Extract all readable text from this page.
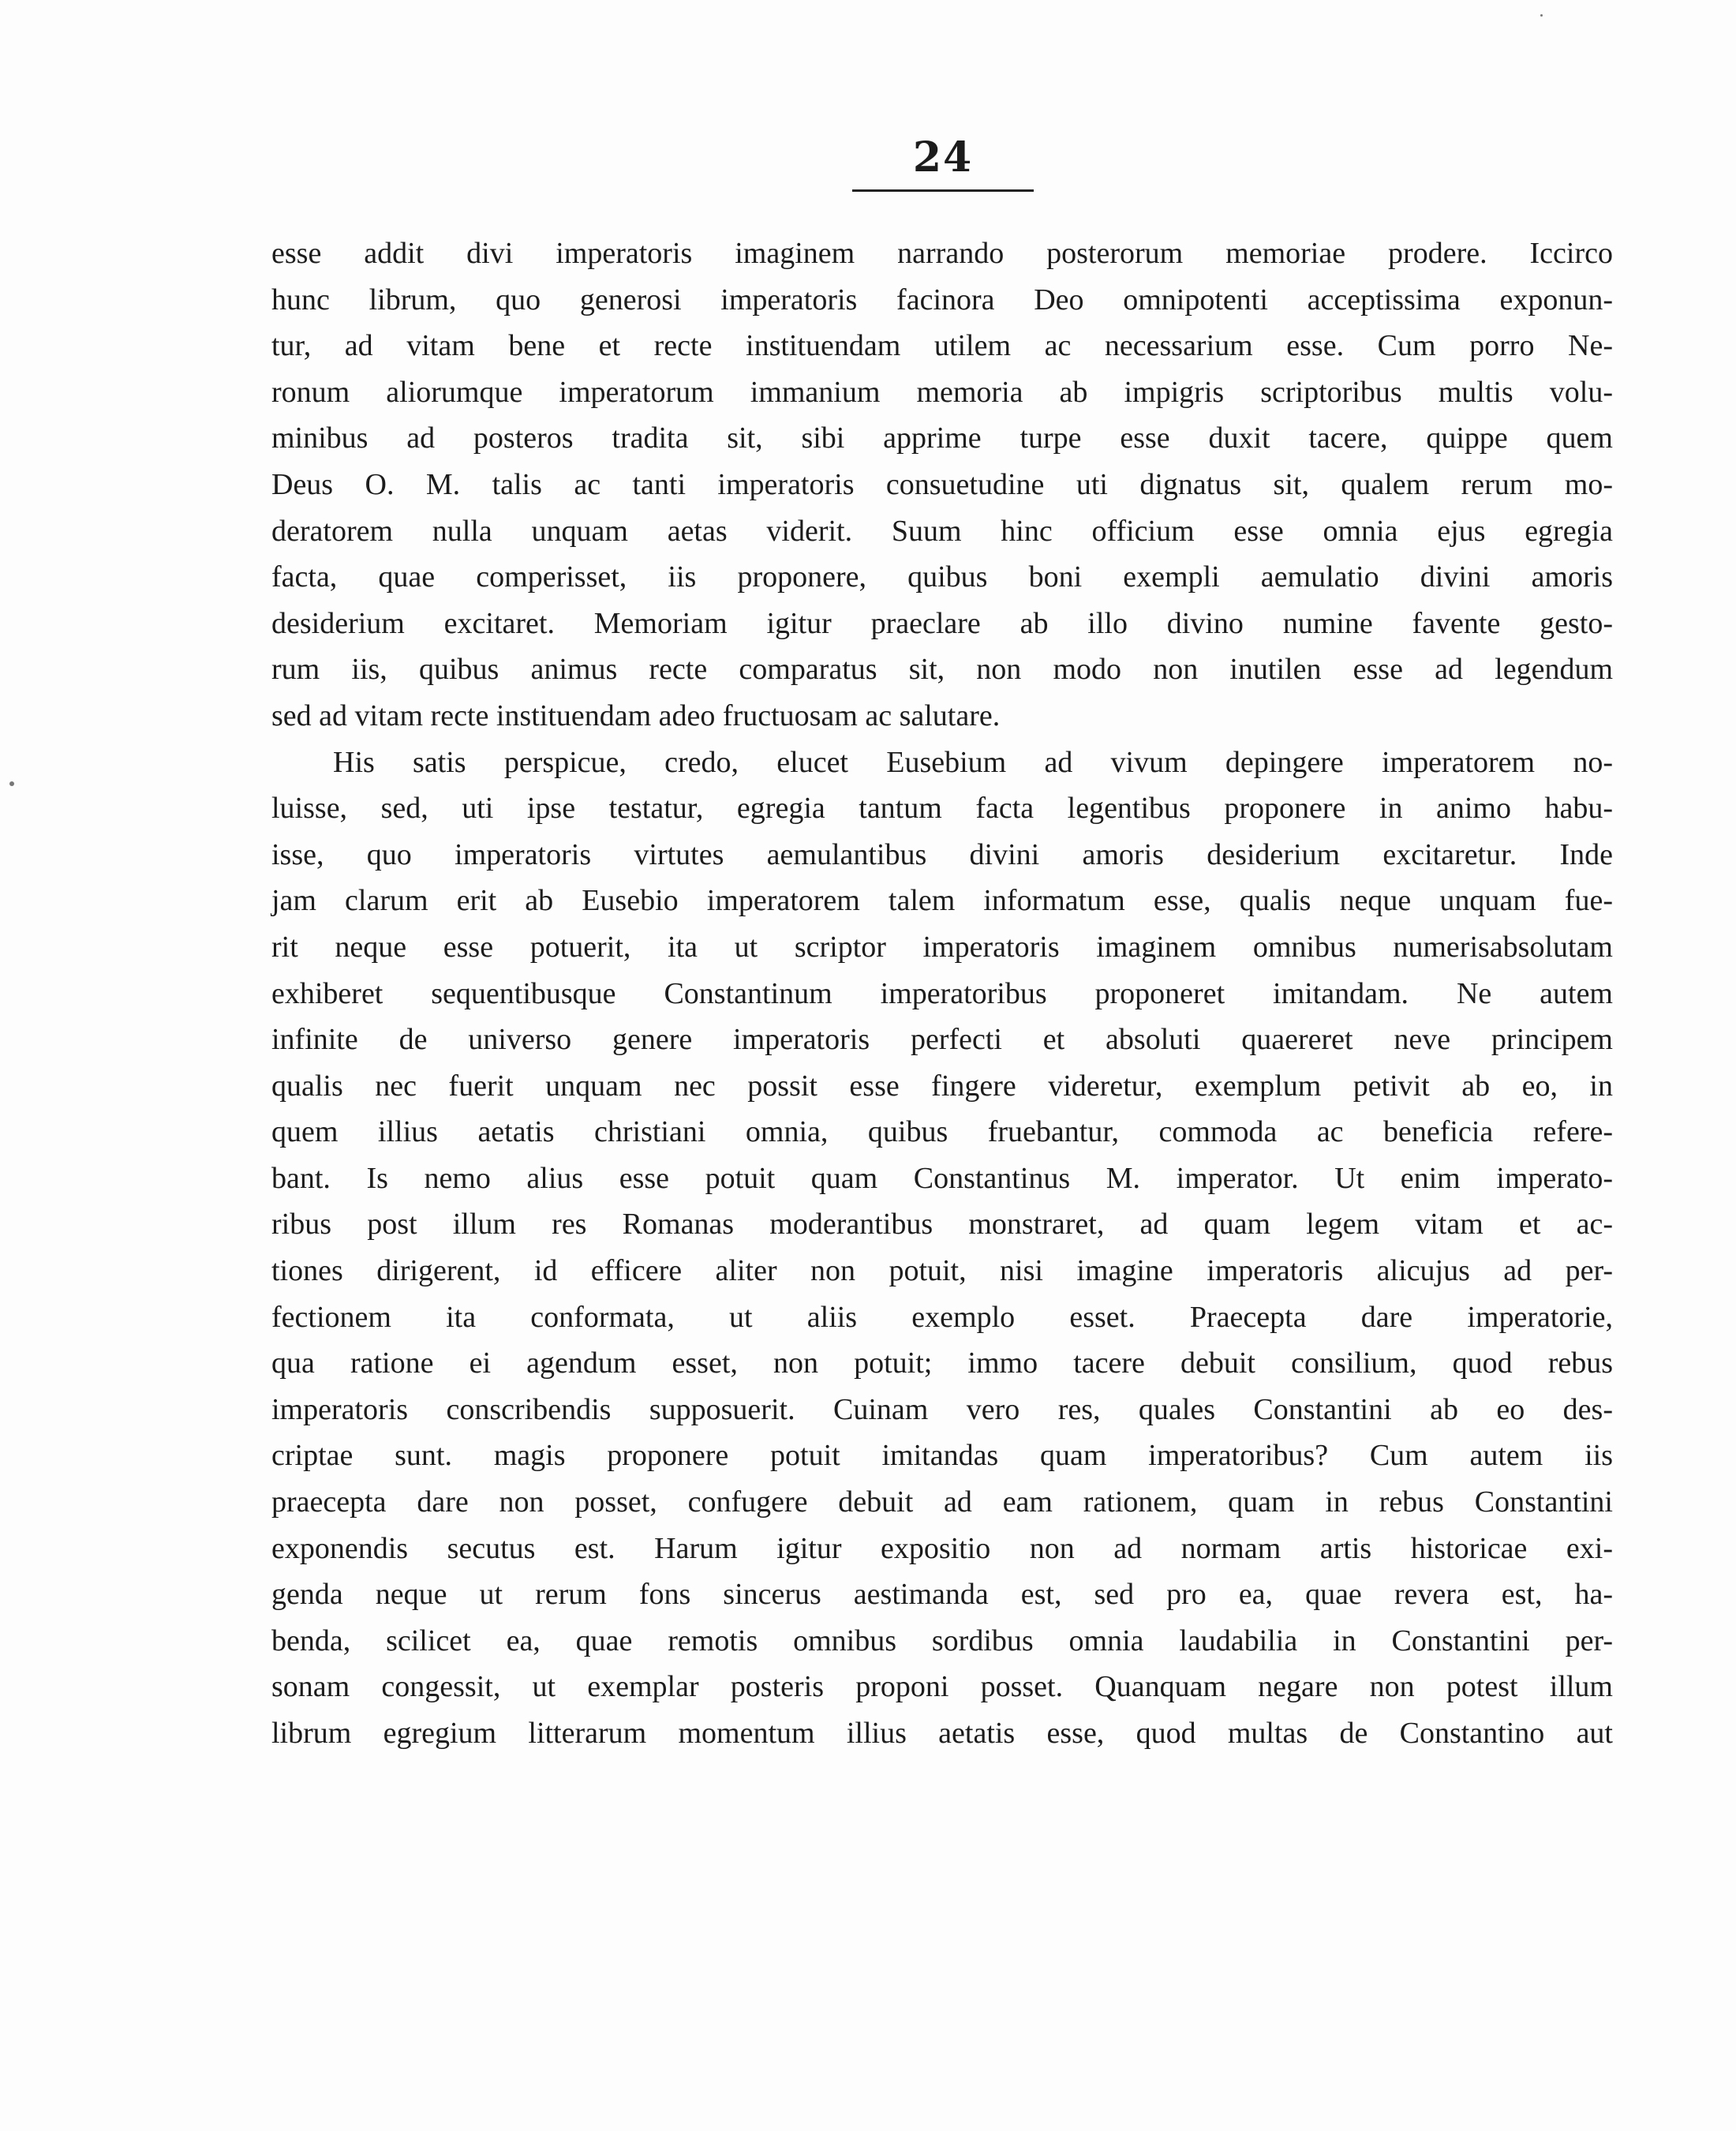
24
esse addit divi imperatoris imaginem narrando posterorum memoriae prodere. Iccirco
hunc librum, quo generosi imperatoris facinora Deo omnipotenti acceptissima exponun-
tur, ad vitam bene et recte instituendam utilem ac necessarium esse. Cum porro Ne-
ronum aliorumque imperatorum immanium memoria ab impigris scriptoribus multis volu-
minibus ad posteros tradita sit, sibi apprime turpe esse duxit tacere, quippe quem
Deus O. M. talis ac tanti imperatoris consuetudine uti dignatus sit, qualem rerum mo-
deratorem nulla unquam aetas viderit. Suum hinc officium esse omnia ejus egregia
facta, quae comperisset, iis proponere, quibus boni exempli aemulatio divini amoris
desiderium excitaret. Memoriam igitur praeclare ab illo divino numine favente gesto-
rum iis, quibus animus recte comparatus sit, non modo non inutilen esse ad legendum
sed ad vitam recte instituendam adeo fructuosam ac salutare.
His satis perspicue, credo, elucet Eusebium ad vivum depingere imperatorem no-
luisse, sed, uti ipse testatur, egregia tantum facta legentibus proponere in animo habu-
isse, quo imperatoris virtutes aemulantibus divini amoris desiderium excitaretur. Inde
jam clarum erit ab Eusebio imperatorem talem informatum esse, qualis neque unquam fue-
rit neque esse potuerit, ita ut scriptor imperatoris imaginem omnibus numerisabsolutam
exhiberet sequentibusque Constantinum imperatoribus proponeret imitandam. Ne autem
infinite de universo genere imperatoris perfecti et absoluti quaereret neve principem
qualis nec fuerit unquam nec possit esse fingere videretur, exemplum petivit ab eo, in
quem illius aetatis christiani omnia, quibus fruebantur, commoda ac beneficia refere-
bant. Is nemo alius esse potuit quam Constantinus M. imperator. Ut enim imperato-
ribus post illum res Romanas moderantibus monstraret, ad quam legem vitam et ac-
tiones dirigerent, id efficere aliter non potuit, nisi imagine imperatoris alicujus ad per-
fectionem ita conformata, ut aliis exemplo esset. Praecepta dare imperatorie,
qua ratione ei agendum esset, non potuit; immo tacere debuit consilium, quod rebus
imperatoris conscribendis supposuerit. Cuinam vero res, quales Constantini ab eo des-
criptae sunt. magis proponere potuit imitandas quam imperatoribus? Cum autem iis
praecepta dare non posset, confugere debuit ad eam rationem, quam in rebus Constantini
exponendis secutus est. Harum igitur expositio non ad normam artis historicae exi-
genda neque ut rerum fons sincerus aestimanda est, sed pro ea, quae revera est, ha-
benda, scilicet ea, quae remotis omnibus sordibus omnia laudabilia in Constantini per-
sonam congessit, ut exemplar posteris proponi posset. Quanquam negare non potest illum
librum egregium litterarum momentum illius aetatis esse, quod multas de Constantino aut
